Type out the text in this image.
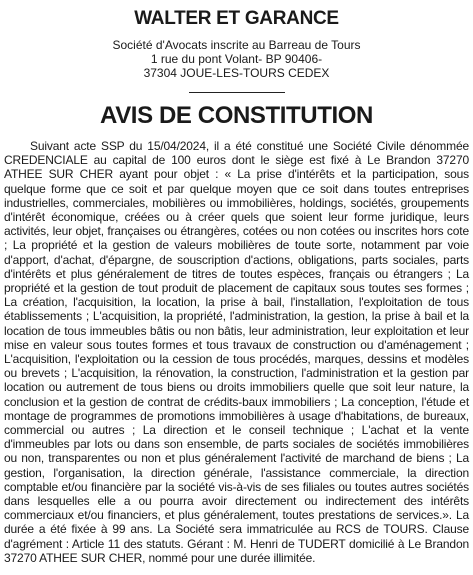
WALTER ET GARANCE

Société d'Avocats inscrite au Barreau de Tours

1 rue du pont Volant- BP 90406-

37304 JOUE-LES-TOURS CEDEX

AVIS DE CONSTITUTION

Suivant acte SSP du 15/04/2024, il a été constitué une Société Civile dénommée CREDENCIALE au capital de 100 euros dont le siège est fixé à Le Brandon 37270 ATHEE SUR CHER ayant pour objet : « La prise d'intérêts et la participation, sous quelque forme que ce soit et par quelque moyen que ce soit dans toutes entreprises industrielles, commerciales, mobilières ou immobilières, holdings, sociétés, groupements d'intérêt économique, créées ou à créer quels que soient leur forme juridique, leurs activités, leur objet, françaises ou étrangères, cotées ou non cotées ou inscrites hors cote ; La propriété et la gestion de valeurs mobilières de toute sorte, notamment par voie d'apport, d'achat, d'épargne, de souscription d'actions, obligations, parts sociales, parts d'intérêts et plus généralement de titres de toutes espèces, français ou étrangers ; La propriété et la gestion de tout produit de placement de capitaux sous toutes ses formes ; La création, l'acquisition, la location, la prise à bail, l'installation, l'exploitation de tous établissements ; L'acquisition, la propriété, l'administration, la gestion, la prise à bail et la location de tous immeubles bâtis ou non bâtis, leur administration, leur exploitation et leur mise en valeur sous toutes formes et tous travaux de construction ou d'aménagement ; L'acquisition, l'exploitation ou la cession de tous procédés, marques, dessins et modèles ou brevets ; L'acquisition, la rénovation, la construction, l'administration et la gestion par location ou autrement de tous biens ou droits immobiliers quelle que soit leur nature, la conclusion et la gestion de contrat de crédits-baux immobiliers ; La conception, l'étude et montage de programmes de promotions immobilières à usage d'habitations, de bureaux, commercial ou autres ; La direction et le conseil technique ; L'achat et la vente d'immeubles par lots ou dans son ensemble, de parts sociales de sociétés immobilières ou non, transparentes ou non et plus généralement l'activité de marchand de biens ; La gestion, l'organisation, la direction générale, l'assistance commerciale, la direction comptable et/ou financière par la société vis-à-vis de ses filiales ou toutes autres sociétés dans lesquelles elle a ou pourra avoir directement ou indirectement des intérêts commerciaux et/ou financiers, et plus généralement, toutes prestations de services.». La durée a été fixée à 99 ans. La Société sera immatriculée au RCS de TOURS. Clause d'agrément : Article 11 des statuts. Gérant : M. Henri de TUDERT domicilié à Le Brandon 37270 ATHEE SUR CHER, nommé pour une durée illimitée.
